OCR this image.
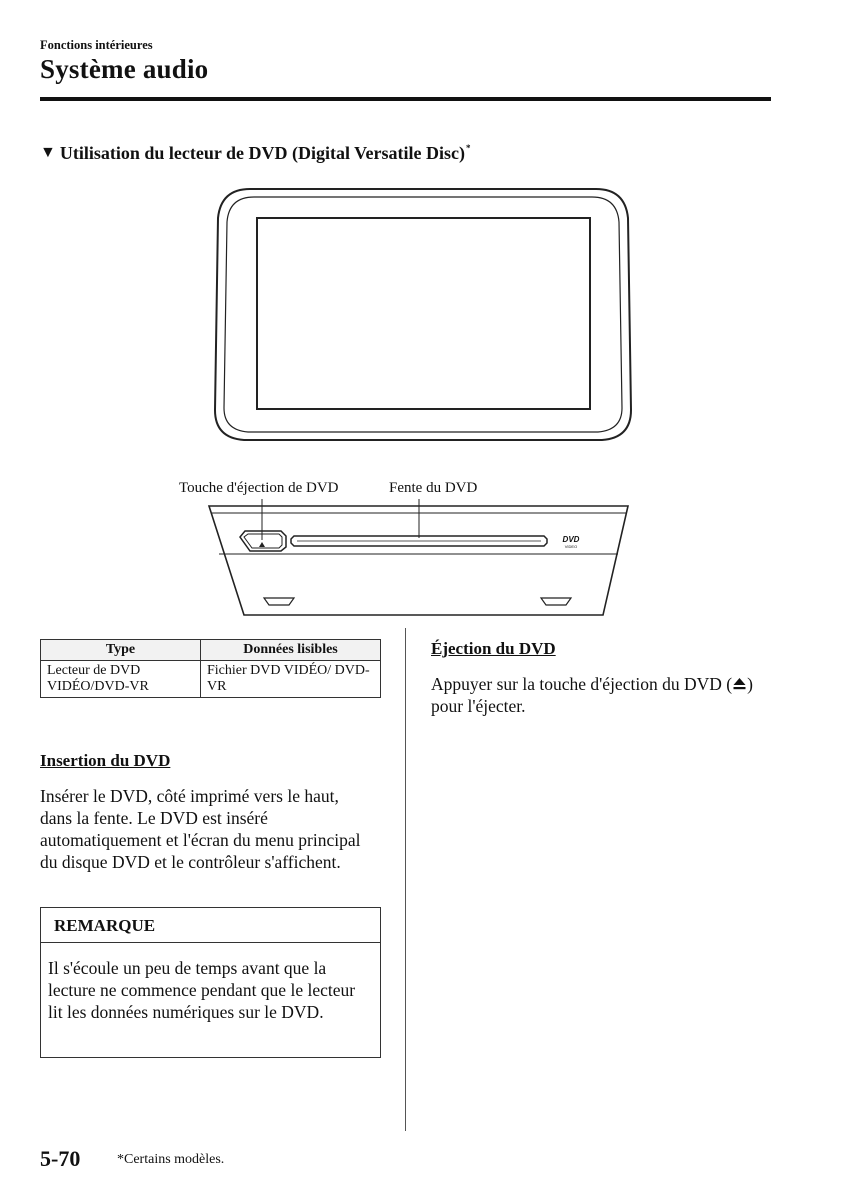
Fonctions intérieures
Système audio
▼ Utilisation du lecteur de DVD (Digital Versatile Disc)*
Touche d'éjection de DVD	Fente du DVD
DVD
VIDEO
Type	Données lisibles
Lecteur de DVD VIDÉO/DVD-VR	Fichier DVD VIDÉO/ DVD-VR
Insertion du DVD
Insérer le DVD, côté imprimé vers le haut, dans la fente. Le DVD est inséré automatiquement et l'écran du menu principal du disque DVD et le contrôleur s'affichent.
REMARQUE
Il s'écoule un peu de temps avant que la lecture ne commence pendant que le lecteur lit les données numériques sur le DVD.
Éjection du DVD
Appuyer sur la touche d'éjection du DVD ( ) pour l'éjecter.
5-70	*Certains modèles.
